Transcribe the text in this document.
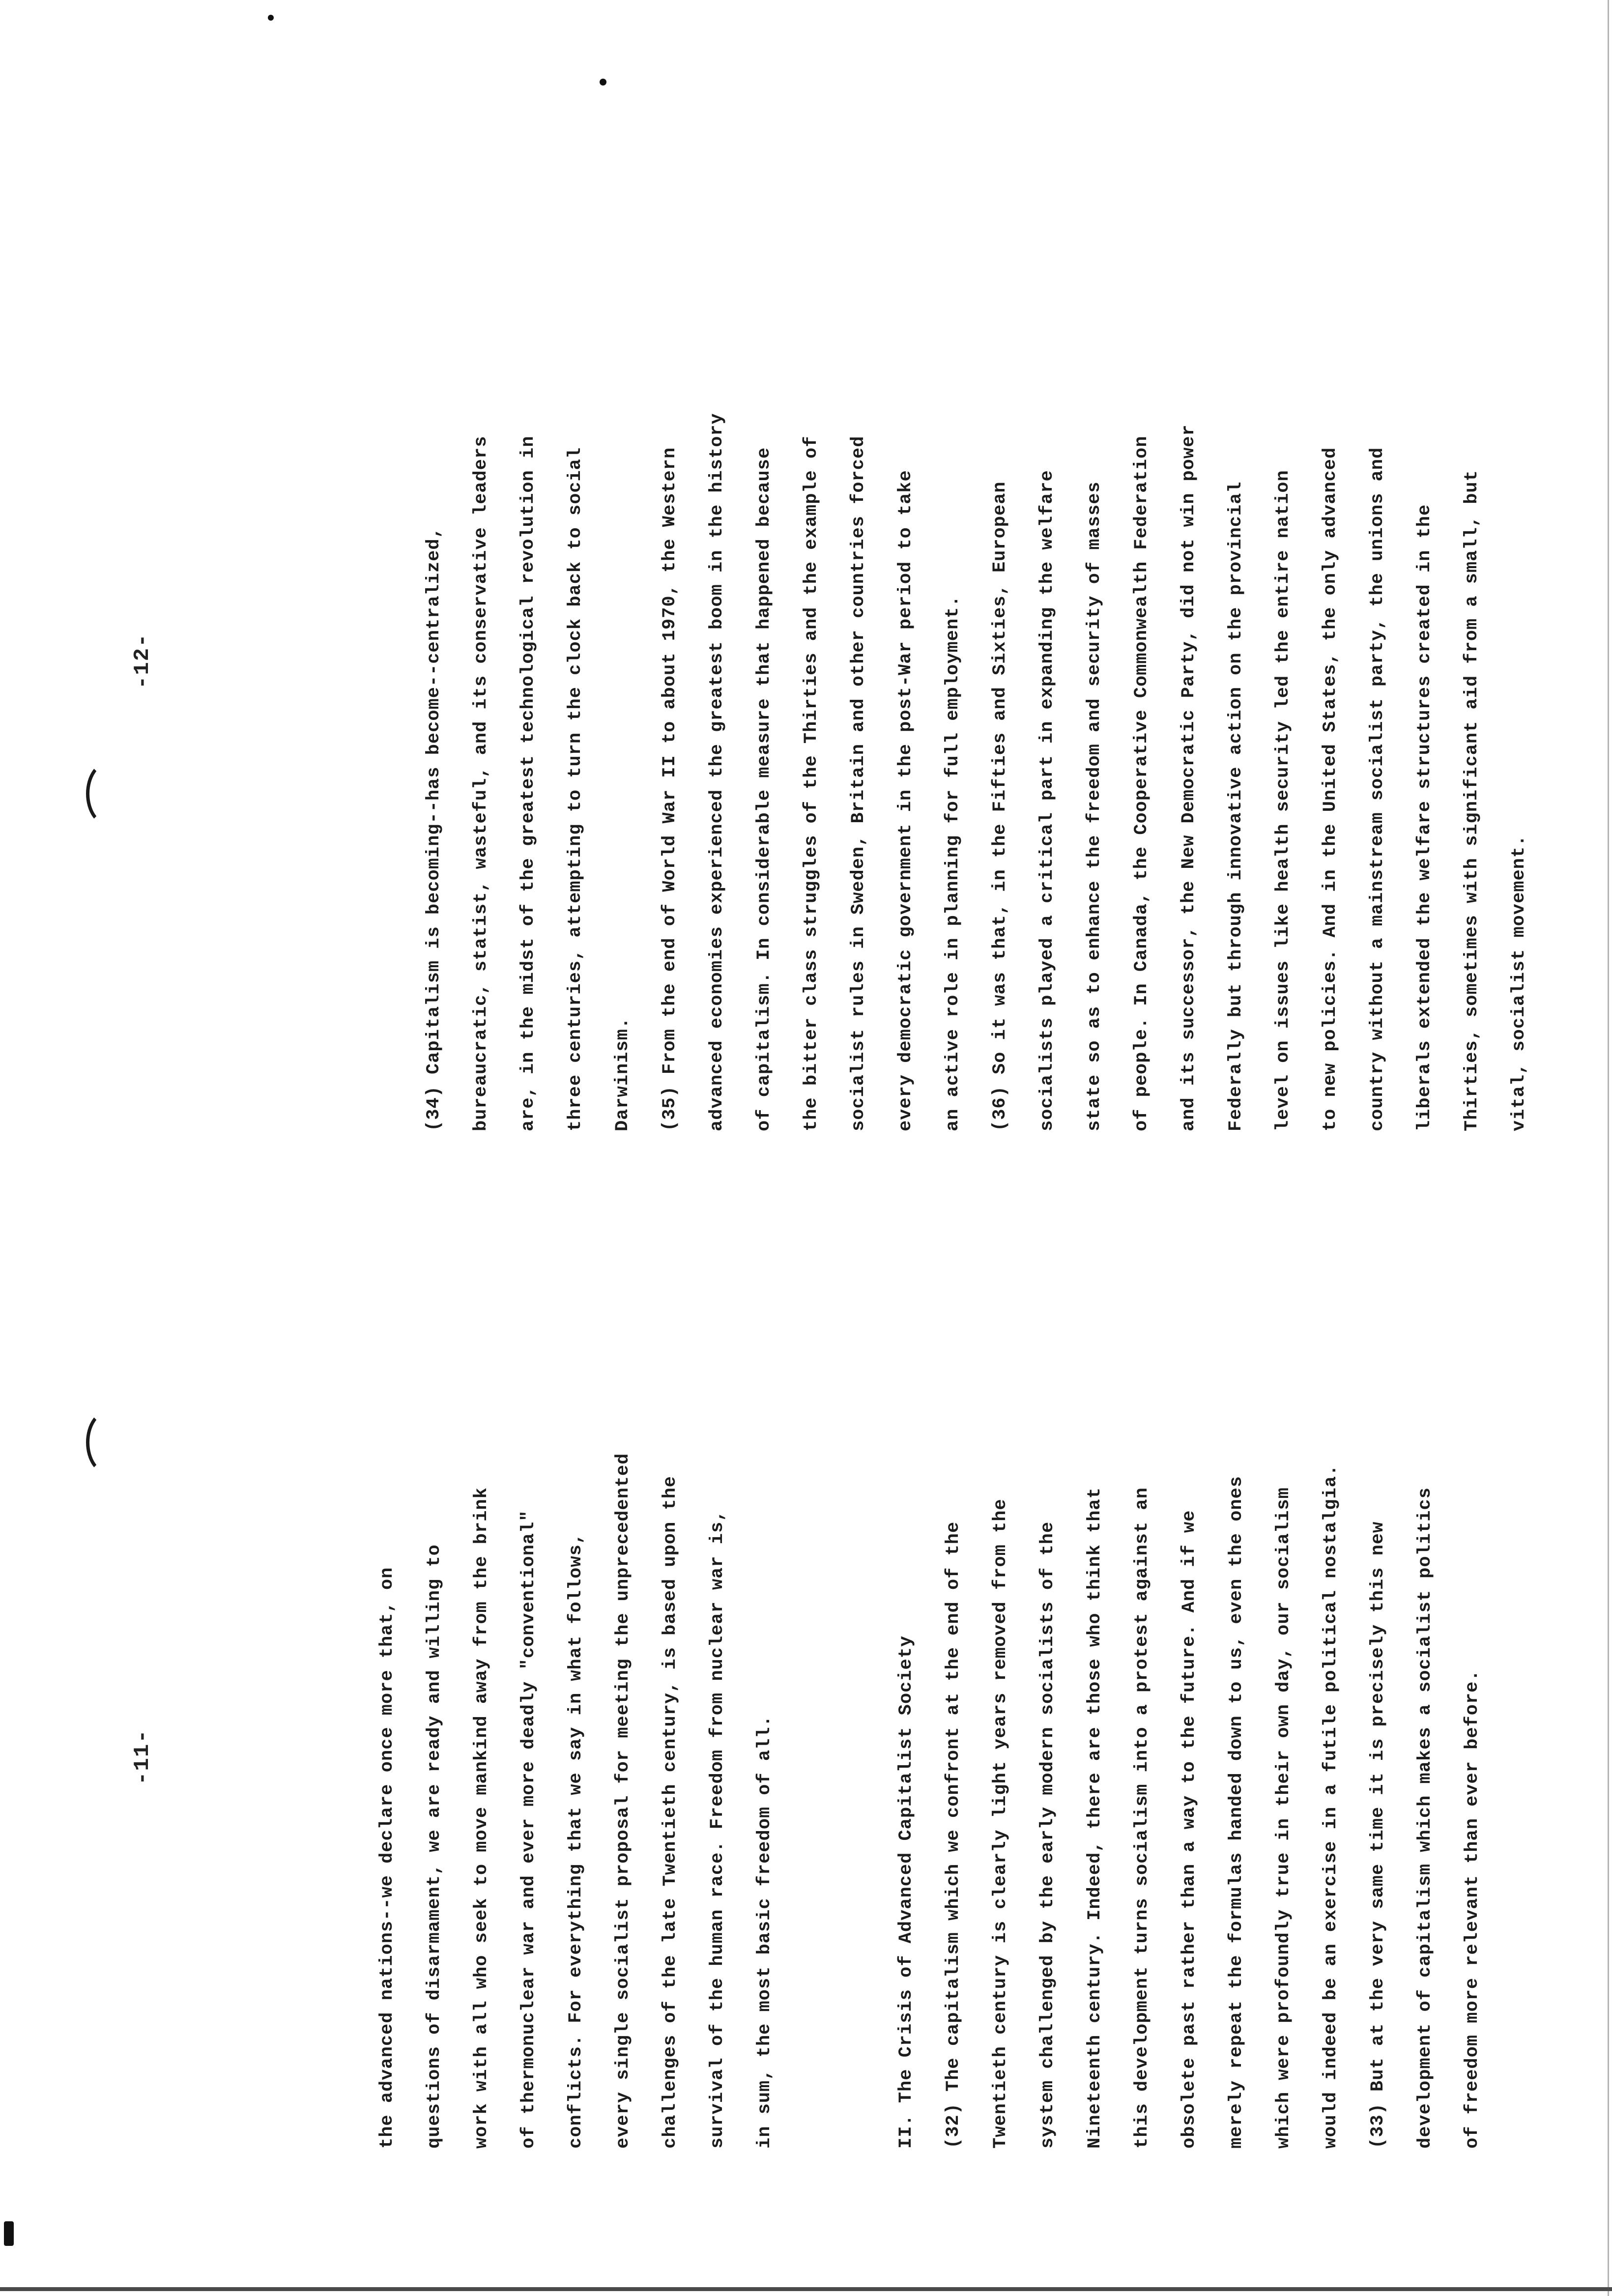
-11-
-12-
the advanced nations--we declare once more that, on	questions of disarmament, we are ready and willing to	work with all who seek to move mankind away from the brink	of thermonuclear war and ever more deadly "conventional"	conflicts. For everything that we say in what follows,	every single socialist proposal for meeting the unprecedented	challenges of the late Twentieth century, is based upon the	survival of the human race. Freedom from nuclear war is,	in sum, the most basic freedom of all.	II. The Crisis of Advanced Capitalist Society	(32) The capitalism which we confront at the end of the	Twentieth century is clearly light years removed from the	system challenged by the early modern socialists of the	Nineteenth century. Indeed, there are those who think that	this development turns socialism into a protest against an	obsolete past rather than a way to the future. And if we	merely repeat the formulas handed down to us, even the ones	which were profoundly true in their own day, our socialism	would indeed be an exercise in a futile political nostalgia.	(33) But at the very same time it is precisely this new	development of capitalism which makes a socialist politics	of freedom more relevant than ever before.
(34) Capitalism is becoming--has become--centralized,	bureaucratic, statist, wasteful, and its conservative leaders	are, in the midst of the greatest technological revolution in	three centuries, attempting to turn the clock back to social	Darwinism.	(35) From the end of World War II to about 1970, the Western	advanced economies experienced the greatest boom in the history	of capitalism. In considerable measure that happened because	the bitter class struggles of the Thirties and the example of	socialist rules in Sweden, Britain and other countries forced	every democratic government in the post-War period to take	an active role in planning for full employment.	(36) So it was that, in the Fifties and Sixties, European	socialists played a critical part in expanding the welfare	state so as to enhance the freedom and security of masses	of people. In Canada, the Cooperative Commonwealth Federation	and its successor, the New Democratic Party, did not win power	Federally but through innovative action on the provincial	level on issues like health security led the entire nation	to new policies. And in the United States, the only advanced	country without a mainstream socialist party, the unions and	liberals extended the welfare structures created in the	Thirties, sometimes with significant aid from a small, but	vital, socialist movement.
